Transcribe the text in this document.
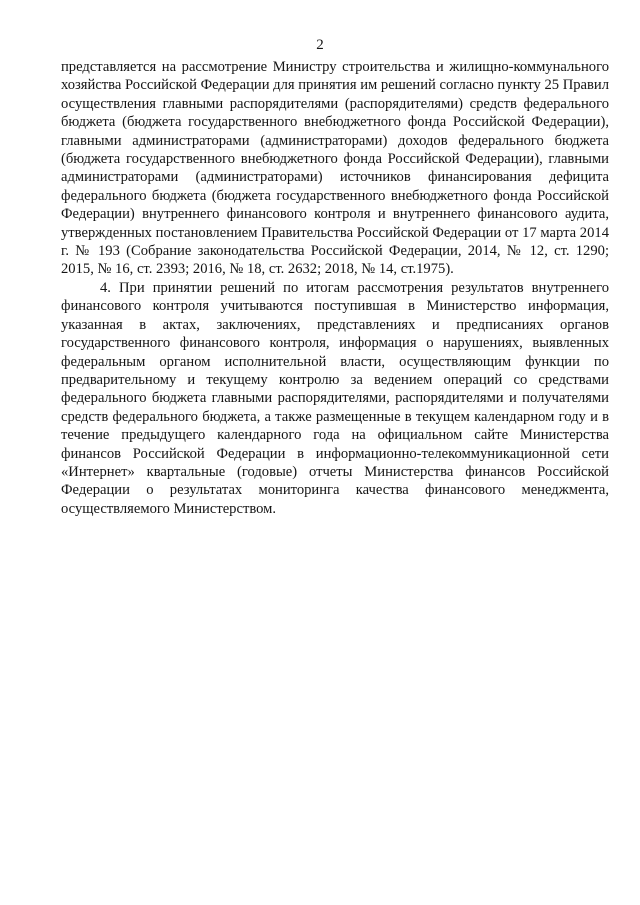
2

представляется на рассмотрение Министру строительства и жилищно-коммунального хозяйства Российской Федерации для принятия им решений согласно пункту 25 Правил осуществления главными распорядителями (распорядителями) средств федерального бюджета (бюджета государственного внебюджетного фонда Российской Федерации), главными администраторами (администраторами) доходов федерального бюджета (бюджета государственного внебюджетного фонда Российской Федерации), главными администраторами (администраторами) источников финансирования дефицита федерального бюджета (бюджета государственного внебюджетного фонда Российской Федерации) внутреннего финансового контроля и внутреннего финансового аудита, утвержденных постановлением Правительства Российской Федерации от 17 марта 2014 г. № 193 (Собрание законодательства Российской Федерации, 2014, № 12, ст. 1290; 2015, № 16, ст. 2393; 2016, № 18, ст. 2632; 2018, № 14, ст.1975).

4. При принятии решений по итогам рассмотрения результатов внутреннего финансового контроля учитываются поступившая в Министерство информация, указанная в актах, заключениях, представлениях и предписаниях органов государственного финансового контроля, информация о нарушениях, выявленных федеральным органом исполнительной власти, осуществляющим функции по предварительному и текущему контролю за ведением операций со средствами федерального бюджета главными распорядителями, распорядителями и получателями средств федерального бюджета, а также размещенные в текущем календарном году и в течение предыдущего календарного года на официальном сайте Министерства финансов Российской Федерации в информационно-телекоммуникационной сети «Интернет» квартальные (годовые) отчеты Министерства финансов Российской Федерации о результатах мониторинга качества финансового менеджмента, осуществляемого Министерством.
